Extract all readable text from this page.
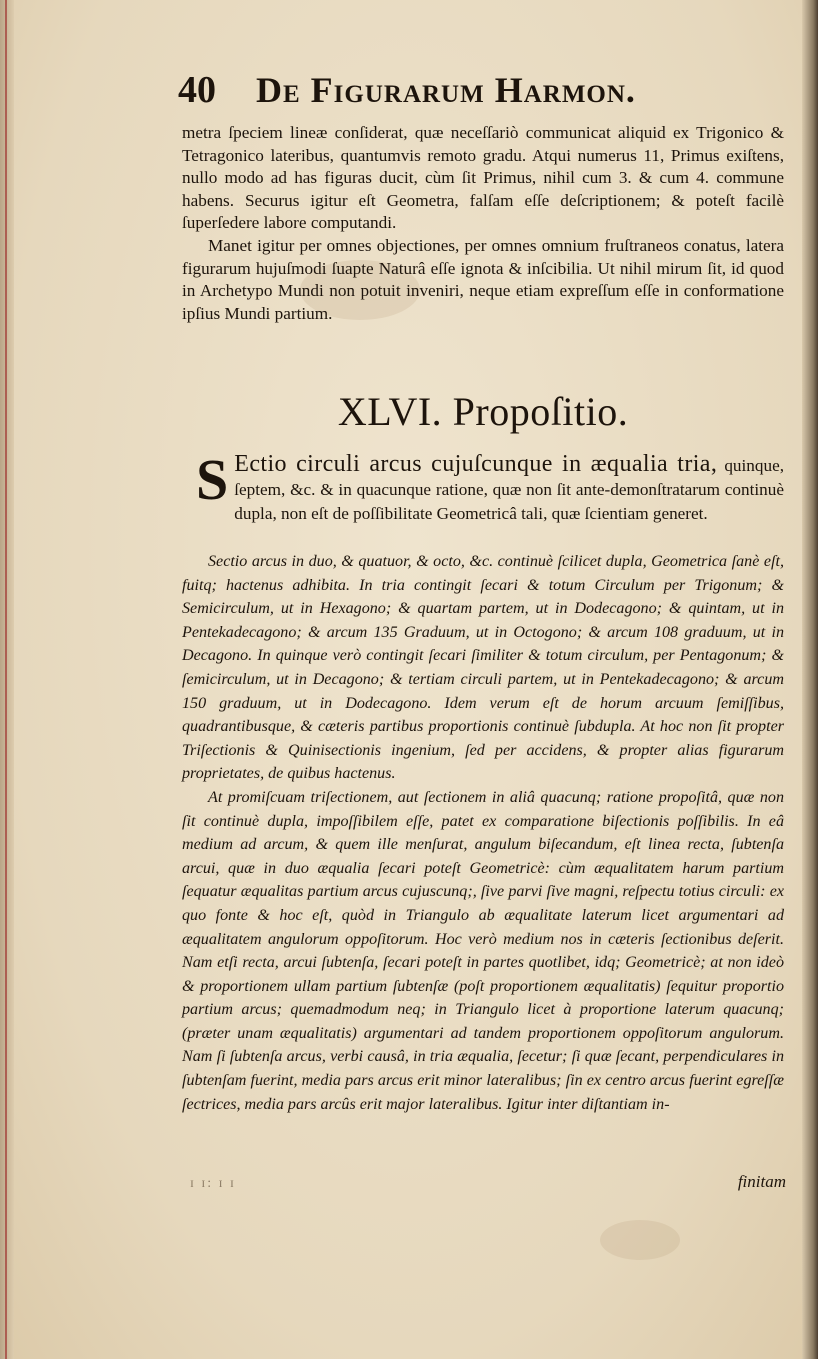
40 De Figurarum Harmon.

metra ſpeciem lineæ conſiderat, quæ neceſſariò communicat aliquid ex Trigonico & Tetragonico lateribus, quantumvis remoto gradu. Atqui numerus 11, Primus exiſtens, nullo modo ad has figuras ducit, cùm ſit Primus, nihil cum 3. & cum 4. commune habens. Securus igitur eſt Geometra, falſam eſſe deſcriptionem; & poteſt facilè ſuperſedere labore computandi.

Manet igitur per omnes objectiones, per omnes omnium fruſtraneos conatus, latera figurarum hujuſmodi ſuapte Naturâ eſſe ignota & inſcibilia. Ut nihil mirum ſit, id quod in Archetypo Mundi non potuit inveniri, neque etiam expreſſum eſſe in conformatione ipſius Mundi partium.

XLVI. Propoſitio.
S Ectio circuli arcus cujuſcunque in æqualia tria, quinque, ſeptem, &c. & in quacunque ratione, quæ non ſit ante-demonſtratarum continuè dupla, non eſt de poſſibilitate Geometricâ tali, quæ ſcientiam generet.

Sectio arcus in duo, & quatuor, & octo, &c. continuè ſcilicet dupla, Geometrica ſanè eſt, fuitq; hactenus adhibita. In tria contingit ſecari & totum Circulum per Trigonum; & Semicirculum, ut in Hexagono; & quartam partem, ut in Dodecagono; & quintam, ut in Pentekadecagono; & arcum 135 Graduum, ut in Octogono; & arcum 108 graduum, ut in Decagono. In quinque verò contingit ſecari ſimiliter & totum circulum, per Pentagonum; & ſemicirculum, ut in Decagono; & tertiam circuli partem, ut in Pentekadecagono; & arcum 150 graduum, ut in Dodecagono. Idem verum eſt de horum arcuum ſemiſſibus, quadrantibusque, & cæteris partibus proportionis continuè ſubdupla. At hoc non ſit propter Triſectionis & Quinisectionis ingenium, ſed per accidens, & propter alias figurarum proprietates, de quibus hactenus.

At promiſcuam triſectionem, aut ſectionem in aliâ quacunq; ratione propoſitâ, quæ non ſit continuè dupla, impoſſibilem eſſe, patet ex comparatione biſectionis poſſibilis. In eâ medium ad arcum, & quem ille menſurat, angulum biſecandum, eſt linea recta, ſubtenſa arcui, quæ in duo æqualia ſecari poteſt Geometricè: cùm æqualitatem harum partium ſequatur æqualitas partium arcus cujuscunq;, ſive parvi ſive magni, reſpectu totius circuli: ex quo fonte & hoc eſt, quòd in Triangulo ab æqualitate laterum licet argumentari ad æqualitatem angulorum oppoſitorum. Hoc verò medium nos in cæteris ſectionibus deſerit. Nam etſi recta, arcui ſubtenſa, ſecari poteſt in partes quotlibet, idq; Geometricè; at non ideò & proportionem ullam partium ſubtenſæ (poſt proportionem æqualitatis) ſequitur proportio partium arcus; quemadmodum neq; in Triangulo licet à proportione laterum quacunq; (præter unam æqualitatis) argumentari ad tandem proportionem oppoſitorum angulorum. Nam ſi ſubtenſa arcus, verbi causâ, in tria æqualia, ſecetur; ſi quæ ſecant, perpendiculares in ſubtenſam fuerint, media pars arcus erit minor lateralibus; ſin ex centro arcus fuerint egreſſæ ſectrices, media pars arcûs erit major lateralibus. Igitur inter diſtantiam in-

ɪ ɪ: ɪ ɪ	finitam
